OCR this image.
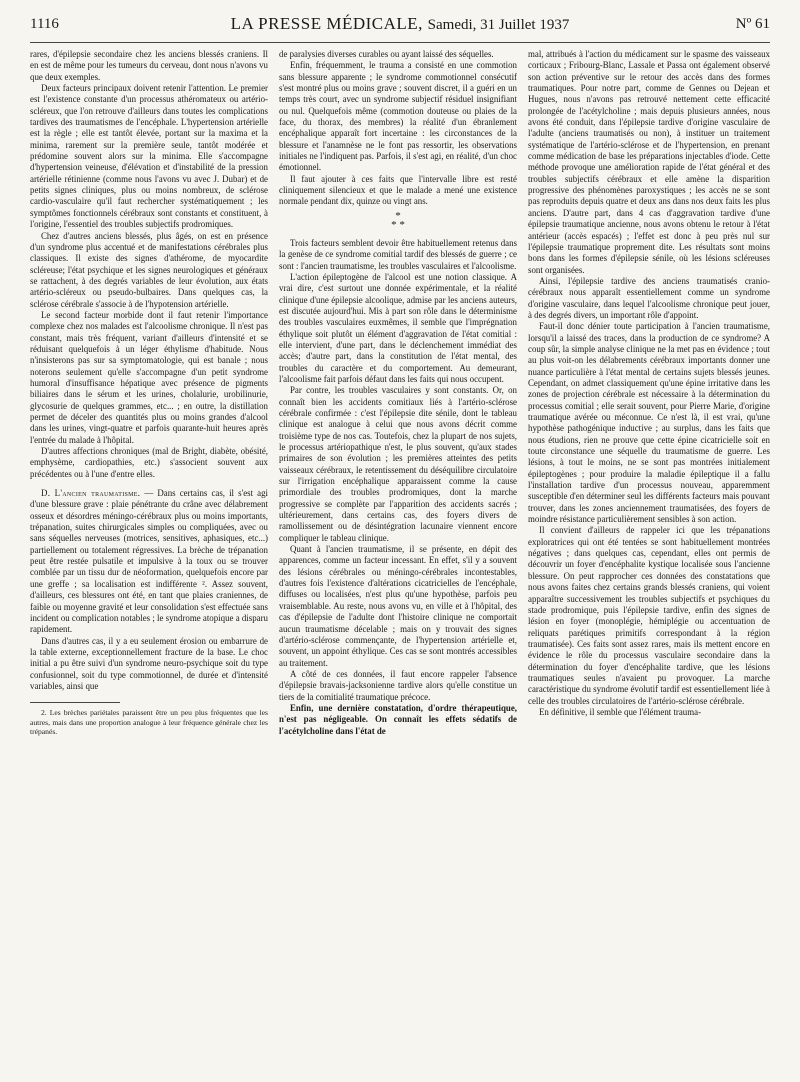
1116	LA PRESSE MÉDICALE, Samedi, 31 Juillet 1937	Nº 61

rares, d'épilepsie secondaire chez les anciens blessés craniens. Il en est de même pour les tumeurs du cerveau, dont nous n'avons vu que deux exemples.

Deux facteurs principaux doivent retenir l'attention. Le premier est l'existence constante d'un processus athéromateux ou artério-scléreux, que l'on retrouve d'ailleurs dans toutes les complications tardives des traumatismes de l'encéphale. L'hypertension artérielle est la règle ; elle est tantôt élevée, portant sur la maxima et la minima, rarement sur la première seule, tantôt modérée et prédomine souvent alors sur la minima. Elle s'accompagne d'hypertension veineuse, d'élévation et d'instabilité de la pression artérielle rétinienne (comme nous l'avons vu avec J. Dubar) et de petits signes cliniques, plus ou moins nombreux, de sclérose cardio-vasculaire qu'il faut rechercher systématiquement ; les symptômes fonctionnels cérébraux sont constants et constituent, à l'origine, l'essentiel des troubles subjectifs prodromiques.

Chez d'autres anciens blessés, plus âgés, on est en présence d'un syndrome plus accentué et de manifestations cérébrales plus classiques. Il existe des signes d'athérome, de myocardite scléreuse; l'état psychique et les signes neurologiques et généraux se rattachent, à des degrés variables de leur évolution, aux états artério-scléreux ou pseudo-bulbaires. Dans quelques cas, la sclérose cérébrale s'associe à de l'hypotension artérielle.

Le second facteur morbide dont il faut retenir l'importance complexe chez nos malades est l'alcoolisme chronique. Il n'est pas constant, mais très fréquent, variant d'ailleurs d'intensité et se réduisant quelquefois à un léger éthylisme d'habitude. Nous n'insisterons pas sur sa symptomatologie, qui est banale ; nous noterons seulement qu'elle s'accompagne d'un petit syndrome humoral d'insuffisance hépatique avec présence de pigments biliaires dans le sérum et les urines, cholalurie, urobilinurie, glycosurie de quelques grammes, etc... ; en outre, la distillation permet de déceler des quantités plus ou moins grandes d'alcool dans les urines, vingt-quatre et parfois quarante-huit heures après l'entrée du malade à l'hôpital.

D'autres affections chroniques (mal de Bright, diabète, obésité, emphysème, cardiopathies, etc.) s'associent souvent aux précédentes ou à l'une d'entre elles.

D. L'ancien traumatisme. — Dans certains cas, il s'est agi d'une blessure grave : plaie pénétrante du crâne avec délabrement osseux et désordres méningo-cérébraux plus ou moins importants, trépanation, suites chirurgicales simples ou compliquées, avec ou sans séquelles nerveuses (motrices, sensitives, aphasiques, etc...) partiellement ou totalement régressives. La brèche de trépanation peut être restée pulsatile et impulsive à la toux ou se trouver comblée par un tissu dur de néoformation, quelquefois encore par une greffe ; sa localisation est indifférente ². Assez souvent, d'ailleurs, ces blessures ont été, en tant que plaies craniennes, de faible ou moyenne gravité et leur consolidation s'est effectuée sans incident ou complication notables ; le syndrome atopique a disparu rapidement.

Dans d'autres cas, il y a eu seulement érosion ou embarrure de la table externe, exceptionnellement fracture de la base. Le choc initial a pu être suivi d'un syndrome neuro-psychique soit du type confusionnel, soit du type commotionnel, de durée et d'intensité variables, ainsi que

2. Les brèches pariétales paraissent être un peu plus fréquentes que les autres, mais dans une proportion analogue à leur fréquence générale chez les trépanés.

de paralysies diverses curables ou ayant laissé des séquelles.

Enfin, fréquemment, le trauma a consisté en une commotion sans blessure apparente ; le syndrome commotionnel consécutif s'est montré plus ou moins grave ; souvent discret, il a guéri en un temps très court, avec un syndrome subjectif résiduel insignifiant ou nul. Quelquefois même (commotion douteuse ou plaies de la face, du thorax, des membres) la réalité d'un ébranlement encéphalique apparaît fort incertaine : les circonstances de la blessure et l'anamnèse ne le font pas ressortir, les observations initiales ne l'indiquent pas. Parfois, il s'est agi, en réalité, d'un choc émotionnel.

Il faut ajouter à ces faits que l'intervalle libre est resté cliniquement silencieux et que le malade a mené une existence normale pendant dix, quinze ou vingt ans.

*
* *

Trois facteurs semblent devoir être habituellement retenus dans la genèse de ce syndrome comitial tardif des blessés de guerre ; ce sont : l'ancien traumatisme, les troubles vasculaires et l'alcoolisme.

L'action épileptogène de l'alcool est une notion classique. A vrai dire, c'est surtout une donnée expérimentale, et la réalité clinique d'une épilepsie alcoolique, admise par les anciens auteurs, est discutée aujourd'hui. Mis à part son rôle dans le déterminisme des troubles vasculaires euxmêmes, il semble que l'imprégnation éthylique soit plutôt un élément d'aggravation de l'état comitial : elle intervient, d'une part, dans le déclenchement immédiat des accès; d'autre part, dans la constitution de l'état mental, des troubles du caractère et du comportement. Au demeurant, l'alcoolisme fait parfois défaut dans les faits qui nous occupent.

Par contre, les troubles vasculaires y sont constants. Or, on connaît bien les accidents comitiaux liés à l'artério-sclérose cérébrale confirmée : c'est l'épilepsie dite sénile, dont le tableau clinique est analogue à celui que nous avons décrit comme troisième type de nos cas. Toutefois, chez la plupart de nos sujets, le processus artériopathique n'est, le plus souvent, qu'aux stades primaires de son évolution ; les premières atteintes des petits vaisseaux cérébraux, le retentissement du déséquilibre circulatoire sur l'irrigation encéphalique apparaissent comme la cause primordiale des troubles prodromiques, dont la marche progressive se complète par l'apparition des accidents sacrés ; ultérieurement, dans certains cas, des foyers divers de ramollissement ou de désintégration lacunaire viennent encore compliquer le tableau clinique.

Quant à l'ancien traumatisme, il se présente, en dépit des apparences, comme un facteur incessant. En effet, s'il y a souvent des lésions cérébrales ou méningo-cérébrales incontestables, d'autres fois l'existence d'altérations cicatricielles de l'encéphale, diffuses ou localisées, n'est plus qu'une hypothèse, parfois peu vraisemblable. Au reste, nous avons vu, en ville et à l'hôpital, des cas d'épilepsie de l'adulte dont l'histoire clinique ne comportait aucun traumatisme décelable ; mais on y trouvait des signes d'artério-sclérose commençante, de l'hypertension artérielle et, souvent, un appoint éthylique. Ces cas se sont montrés accessibles au traitement.

A côté de ces données, il faut encore rappeler l'absence d'épilepsie bravais-jacksonienne tardive alors qu'elle constitue un tiers de la comitialité traumatique précoce.

Enfin, une dernière constatation, d'ordre thérapeutique, n'est pas négligeable. On connaît les effets sédatifs de l'acétylcholine dans l'état de

mal, attribués à l'action du médicament sur le spasme des vaisseaux corticaux ; Fribourg-Blanc, Lassale et Passa ont également observé son action préventive sur le retour des accès dans des formes traumatiques. Pour notre part, comme de Gennes ou Dejean et Hugues, nous n'avons pas retrouvé nettement cette efficacité prolongée de l'acétylcholine ; mais depuis plusieurs années, nous avons été conduit, dans l'épilepsie tardive d'origine vasculaire de l'adulte (anciens traumatisés ou non), à instituer un traitement systématique de l'artério-sclérose et de l'hypertension, en prenant comme médication de base les préparations injectables d'iode. Cette méthode provoque une amélioration rapide de l'état général et des troubles subjectifs cérébraux et elle amène la disparition progressive des phénomènes paroxystiques ; les accès ne se sont pas reproduits depuis quatre et deux ans dans nos deux faits les plus anciens. D'autre part, dans 4 cas d'aggravation tardive d'une épilepsie traumatique ancienne, nous avons obtenu le retour à l'état antérieur (accès espacés) ; l'effet est donc à peu près nul sur l'épilepsie traumatique proprement dite. Les résultats sont moins bons dans les formes d'épilepsie sénile, où les lésions scléreuses sont organisées.

Ainsi, l'épilepsie tardive des anciens traumatisés cranio-cérébraux nous apparaît essentiellement comme un syndrome d'origine vasculaire, dans lequel l'alcoolisme chronique peut jouer, à des degrés divers, un important rôle d'appoint.

Faut-il donc dénier toute participation à l'ancien traumatisme, lorsqu'il a laissé des traces, dans la production de ce syndrome? A coup sûr, la simple analyse clinique ne la met pas en évidence ; tout au plus voit-on les délabrements cérébraux importants donner une nuance particulière à l'état mental de certains sujets blessés jeunes. Cependant, on admet classiquement qu'une épine irritative dans les zones de projection cérébrale est nécessaire à la détermination du processus comitial ; elle serait souvent, pour Pierre Marie, d'origine traumatique avérée ou méconnue. Ce n'est là, il est vrai, qu'une hypothèse pathogénique inductive ; au surplus, dans les faits que nous étudions, rien ne prouve que cette épine cicatricielle soit en toute circonstance une séquelle du traumatisme de guerre. Les lésions, à tout le moins, ne se sont pas montrées initialement épileptogènes ; pour produire la maladie épileptique il a fallu l'installation tardive d'un processus nouveau, apparemment susceptible d'en déterminer seul les différents facteurs mais pouvant trouver, dans les zones anciennement traumatisées, des foyers de moindre résistance particulièrement sensibles à son action.

Il convient d'ailleurs de rappeler ici que les trépanations exploratrices qui ont été tentées se sont habituellement montrées négatives ; dans quelques cas, cependant, elles ont permis de découvrir un foyer d'encéphalite kystique localisée sous l'ancienne blessure. On peut rapprocher ces données des constatations que nous avons faites chez certains grands blessés craniens, qui voient apparaître successivement les troubles subjectifs et psychiques du stade prodromique, puis l'épilepsie tardive, enfin des signes de lésion en foyer (monoplégie, hémiplégie ou accentuation de reliquats parétiques primitifs correspondant à la région traumatisée). Ces faits sont assez rares, mais ils mettent encore en évidence le rôle du processus vasculaire secondaire dans la détermination du foyer d'encéphalite tardive, que les lésions traumatiques seules n'avaient pu provoquer. La marche caractéristique du syndrome évolutif tardif est essentiellement liée à celle des troubles circulatoires de l'artério-sclérose cérébrale.

En définitive, il semble que l'élément trauma-
